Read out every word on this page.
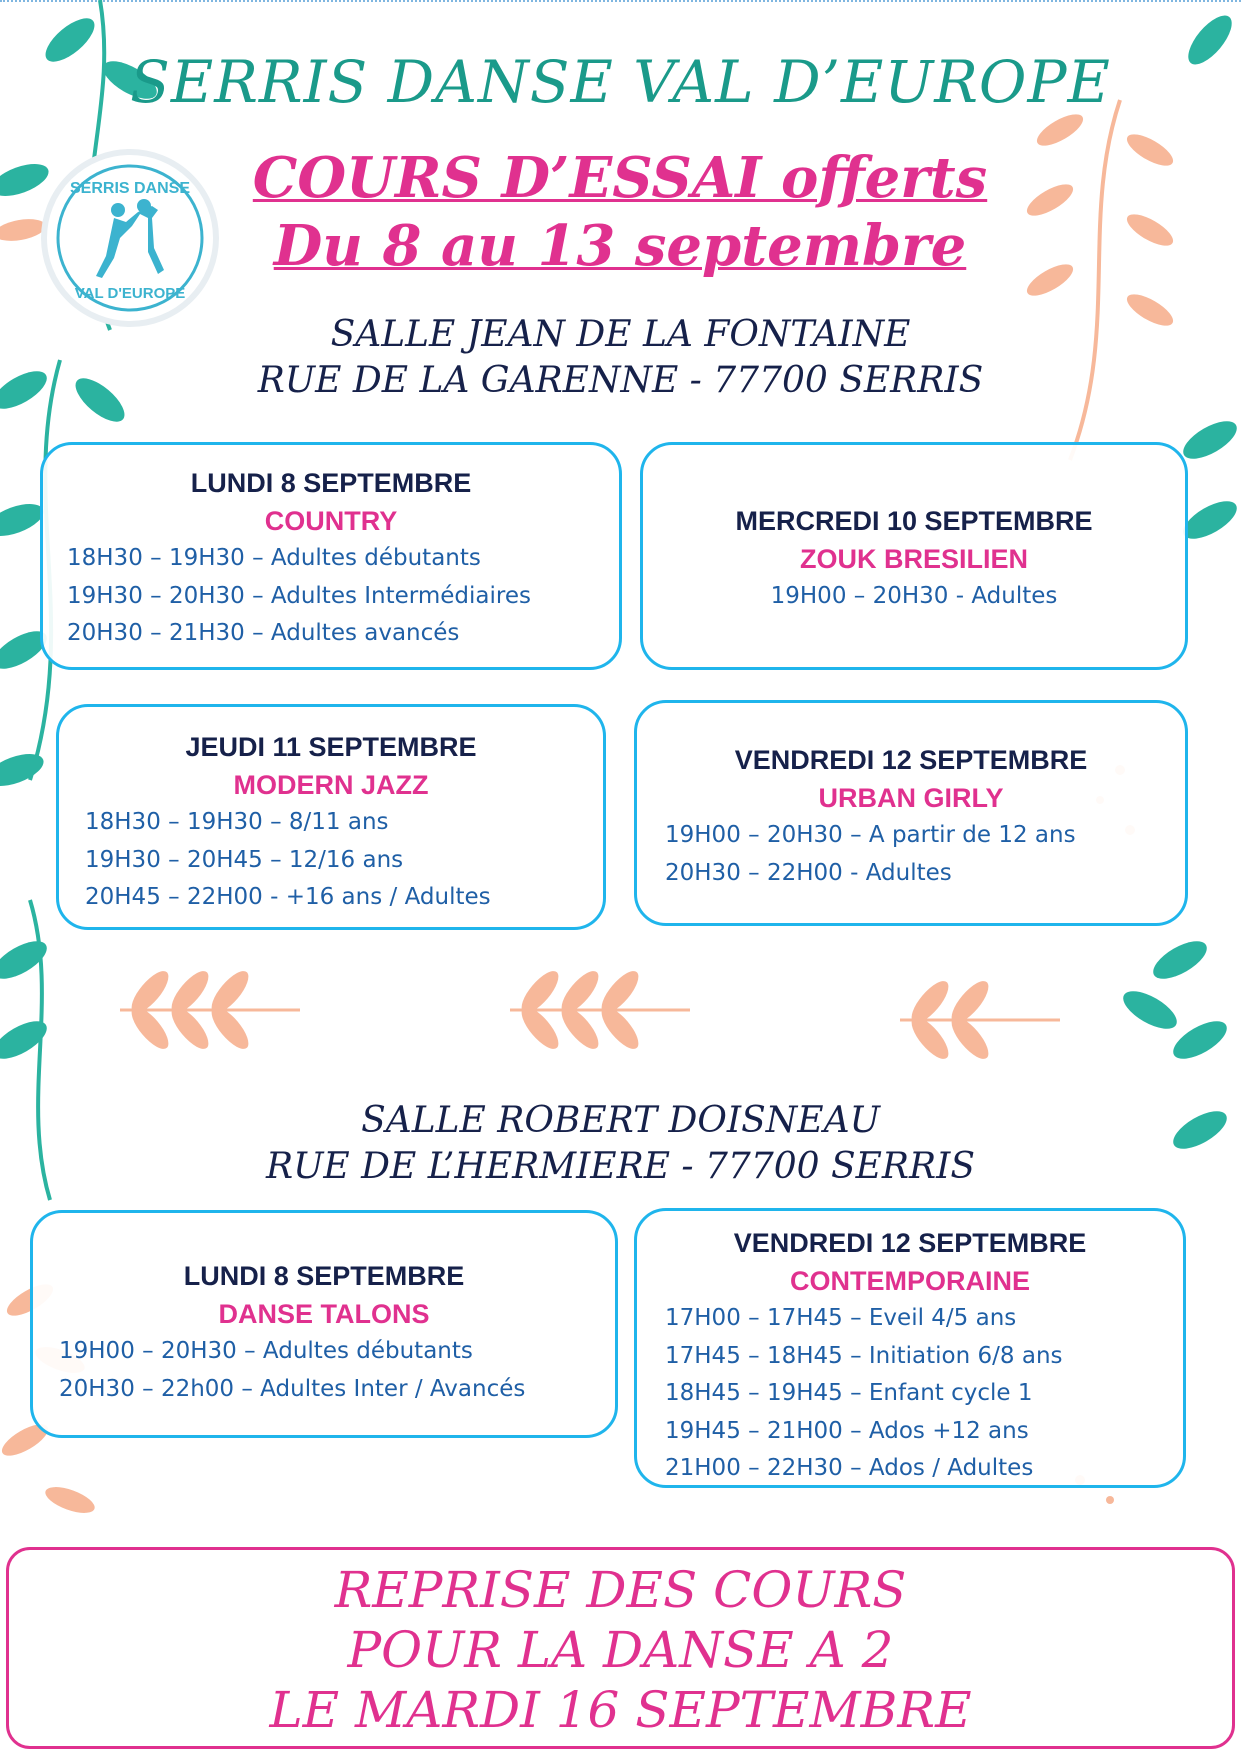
SERRIS DANSE
VAL D'EUROPE
SERRIS DANSE VAL D’EUROPE
COURS D’ESSAI offerts
Du 8 au 13 septembre
SALLE JEAN DE LA FONTAINE
RUE DE LA GARENNE - 77700 SERRIS
LUNDI 8 SEPTEMBRE
COUNTRY
18H30 – 19H30 – Adultes débutants
19H30 – 20H30 – Adultes Intermédiaires
20H30 – 21H30 – Adultes avancés
MERCREDI 10 SEPTEMBRE
ZOUK BRESILIEN
19H00 – 20H30 - Adultes
JEUDI 11 SEPTEMBRE
MODERN JAZZ
18H30 – 19H30 – 8/11 ans
19H30 – 20H45 – 12/16 ans
20H45 – 22H00 - +16 ans / Adultes
VENDREDI 12 SEPTEMBRE
URBAN GIRLY
19H00 – 20H30 – A partir de 12 ans
20H30 – 22H00 - Adultes
SALLE ROBERT DOISNEAU
RUE DE L’HERMIERE - 77700 SERRIS
LUNDI 8 SEPTEMBRE
DANSE TALONS
19H00 – 20H30 – Adultes débutants
20H30 – 22h00 – Adultes Inter / Avancés
VENDREDI 12 SEPTEMBRE
CONTEMPORAINE
17H00 – 17H45 – Eveil 4/5 ans
17H45 – 18H45 – Initiation 6/8 ans
18H45 – 19H45 – Enfant cycle 1
19H45 – 21H00 – Ados +12 ans
21H00 – 22H30 – Ados / Adultes
REPRISE DES COURS
POUR LA DANSE A 2
LE MARDI 16 SEPTEMBRE
